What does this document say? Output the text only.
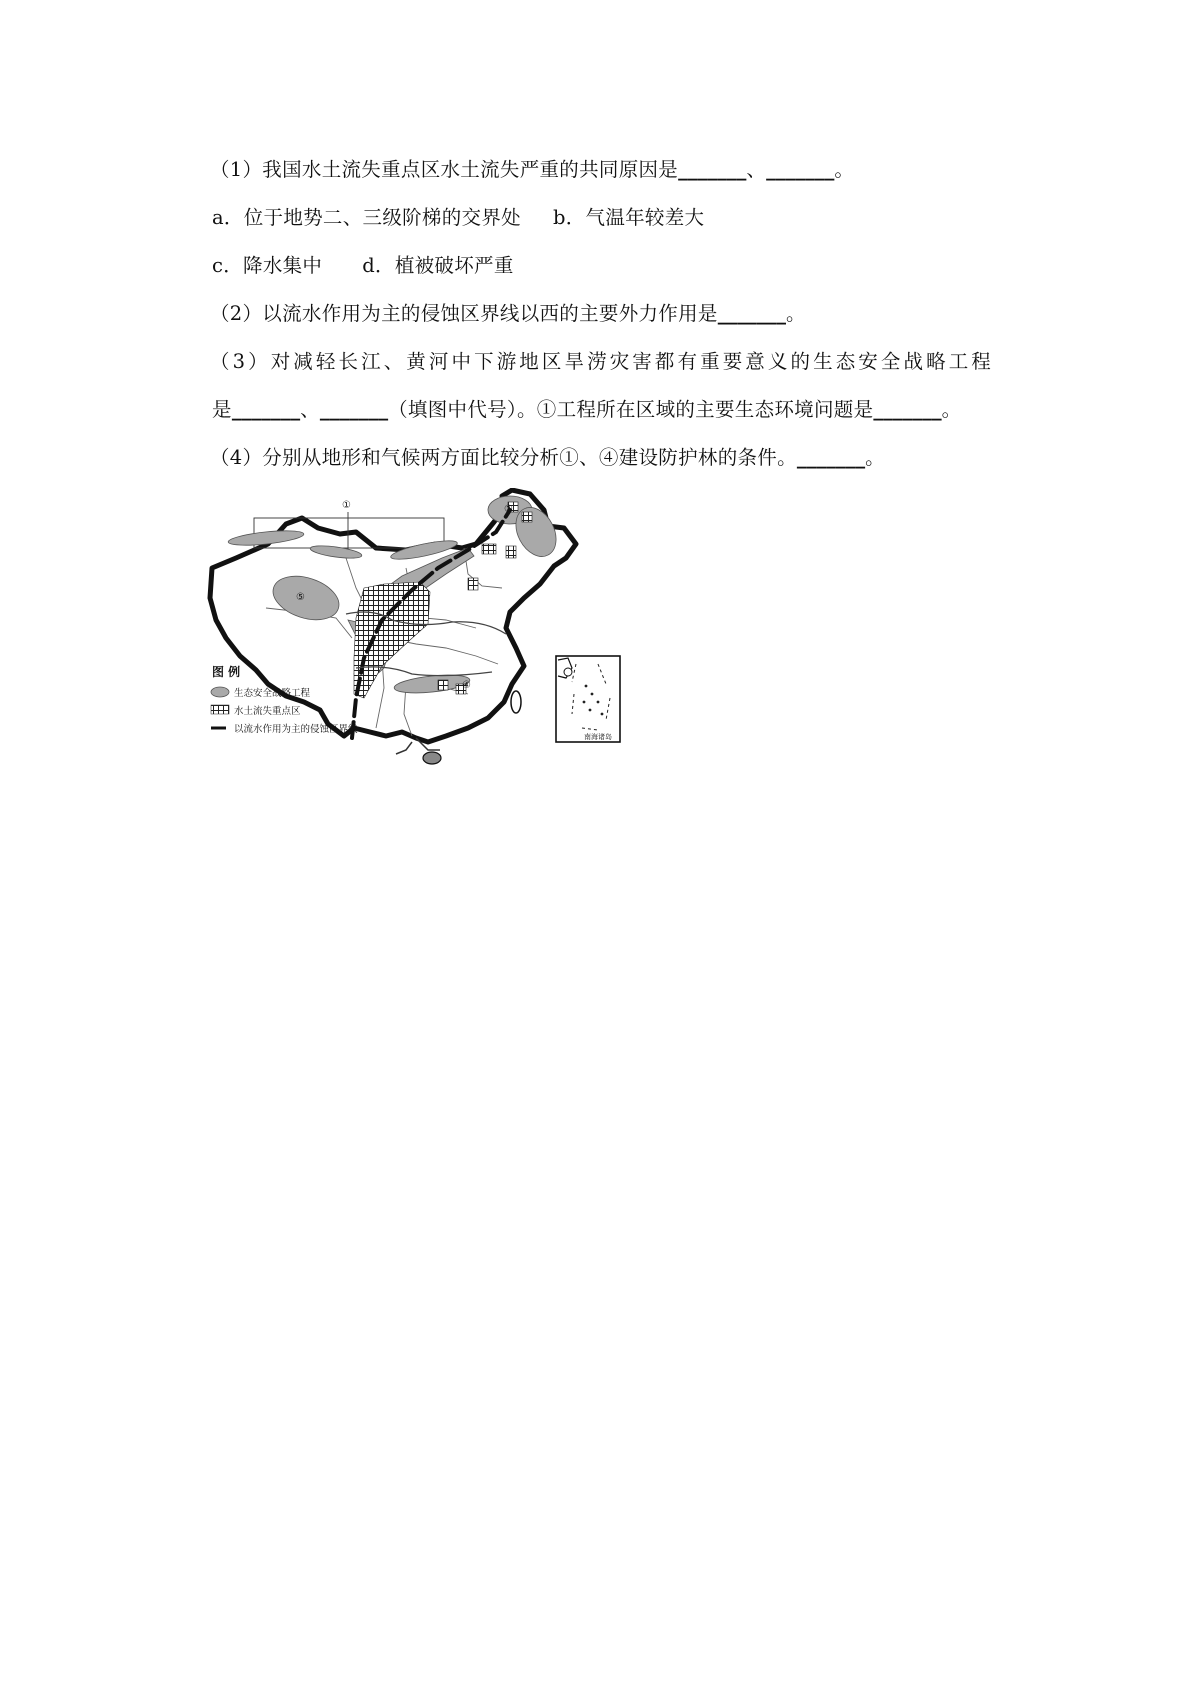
（1）我国水土流失重点区水土流失严重的共同原因是_______、_______。
a．位于地势二、三级阶梯的交界处 b．气温年较差大
c．降水集中 d．植被破坏严重
（2）以流水作用为主的侵蚀区界线以西的主要外力作用是_______。
（3）对减轻长江、黄河中下游地区旱涝灾害都有重要意义的生态安全战略工程
是_______、_______（填图中代号）。①工程所在区域的主要生态环境问题是_______。
（4）分别从地形和气候两方面比较分析①、④建设防护林的条件。_______。
①	②
④
⑤
图 例
生态安全战略工程
水土流失重点区
以流水作用为主的侵蚀区界线
南海诸岛
